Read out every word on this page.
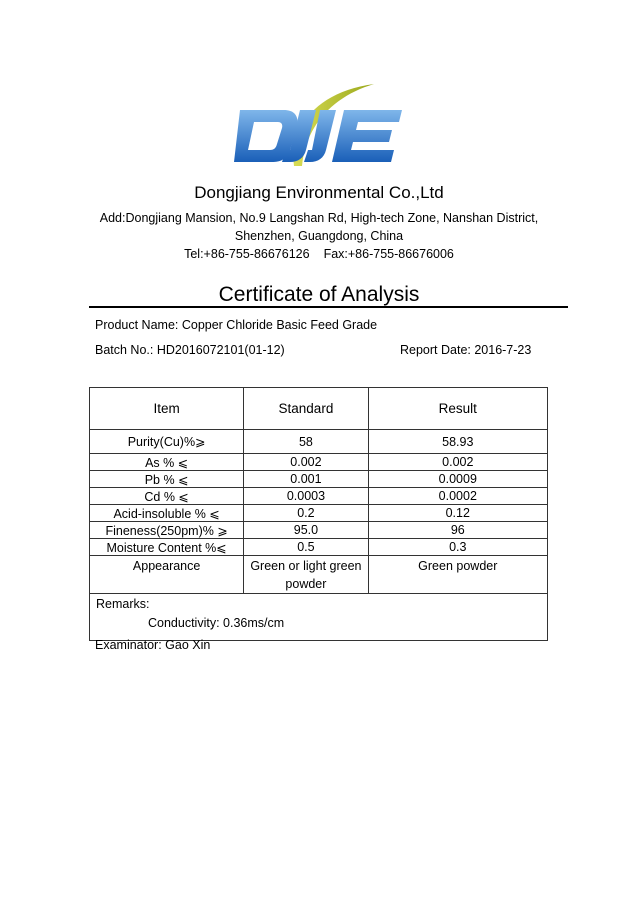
Dongjiang Environmental Co.,Ltd
Add:Dongjiang Mansion, No.9 Langshan Rd, High-tech Zone, Nanshan District,
Shenzhen, Guangdong, China
Tel:+86-755-86676126 Fax:+86-755-86676006
Certificate of Analysis
Product Name: Copper Chloride Basic Feed Grade
Batch No.: HD2016072101(01-12)	Report Date: 2016-7-23
Item	Standard	Result
Purity(Cu)%⩾	58	58.93
As % ⩽	0.002	0.002
Pb % ⩽	0.001	0.0009
Cd % ⩽	0.0003	0.0002
Acid-insoluble % ⩽	0.2	0.12
Fineness(250pm)% ⩾	95.0	96
Moisture Content %⩽	0.5	0.3
Appearance	Green or light green powder	Green powder

Remarks:
Conductivity: 0.36ms/cm		
Examinator: Gao Xin
